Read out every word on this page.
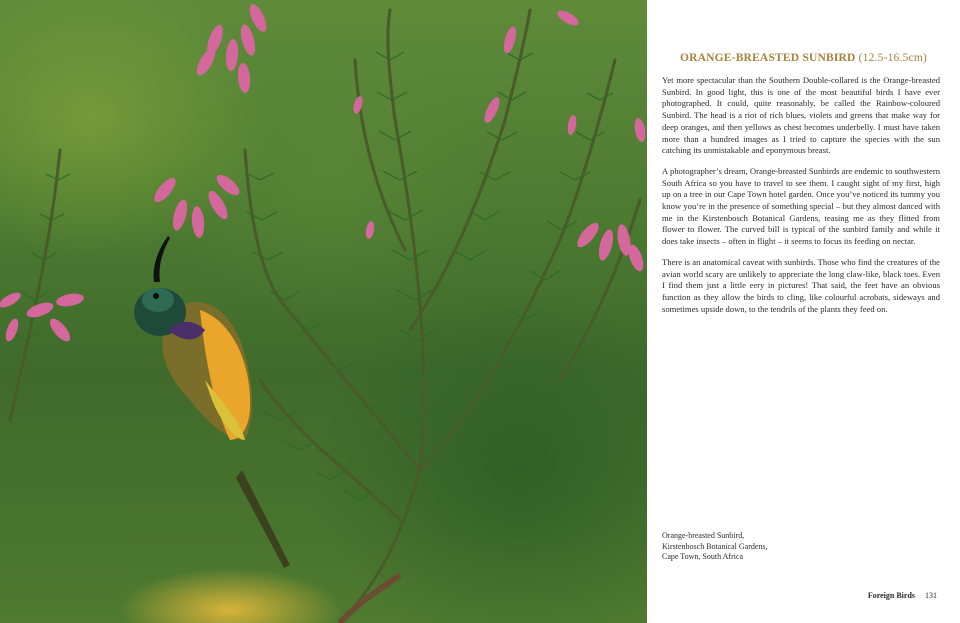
ORANGE-BREASTED SUNBIRD (12.5-16.5cm)

Yet more spectacular than the Southern Double-collared is the Orange-breasted Sunbird. In good light, this is one of the most beautiful birds I have ever photographed. It could, quite reasonably, be called the Rainbow-coloured Sunbird. The head is a riot of rich blues, violets and greens that make way for deep oranges, and then yellows as chest becomes underbelly. I must have taken more than a hundred images as I tried to capture the species with the sun catching its unmistakable and eponymous breast.

A photographer’s dream, Orange-breasted Sunbirds are endemic to southwestern South Africa so you have to travel to see them. I caught sight of my first, high up on a tree in our Cape Town hotel garden. Once you’ve noticed its tummy you know you’re in the presence of something special – but they almost danced with me in the Kirstenbosch Botanical Gardens, teasing me as they flitted from flower to flower. The curved bill is typical of the sunbird family and while it does take insects – often in flight – it seems to focus its feeding on nectar.

There is an anatomical caveat with sunbirds. Those who find the creatures of the avian world scary are unlikely to appreciate the long claw-like, black toes. Even I find them just a little eery in pictures! That said, the feet have an obvious function as they allow the birds to cling, like colourful acrobats, sideways and sometimes upside down, to the tendrils of the plants they feed on.

Orange-breasted Sunbird,
Kirstenbosch Botanical Gardens,
Cape Town, South Africa
Foreign Birds 131
